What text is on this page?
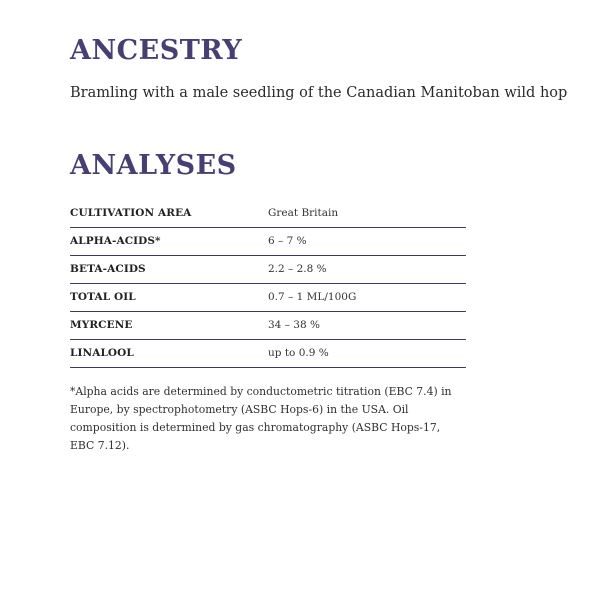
ANCESTRY

Bramling with a male seedling of the Canadian Manitoban wild hop

ANALYSES
CULTIVATION AREA	Great Britain
ALPHA-ACIDS*	6 – 7 %
BETA-ACIDS	2.2 – 2.8 %
TOTAL OIL	0.7 – 1 ML/100G
MYRCENE	34 – 38 %
LINALOOL	up to 0.9 %

*Alpha acids are determined by conductometric titration (EBC 7.4) in Europe, by spectrophotometry (ASBC Hops-6) in the USA. Oil composition is determined by gas chromatography (ASBC Hops-17, EBC 7.12).
